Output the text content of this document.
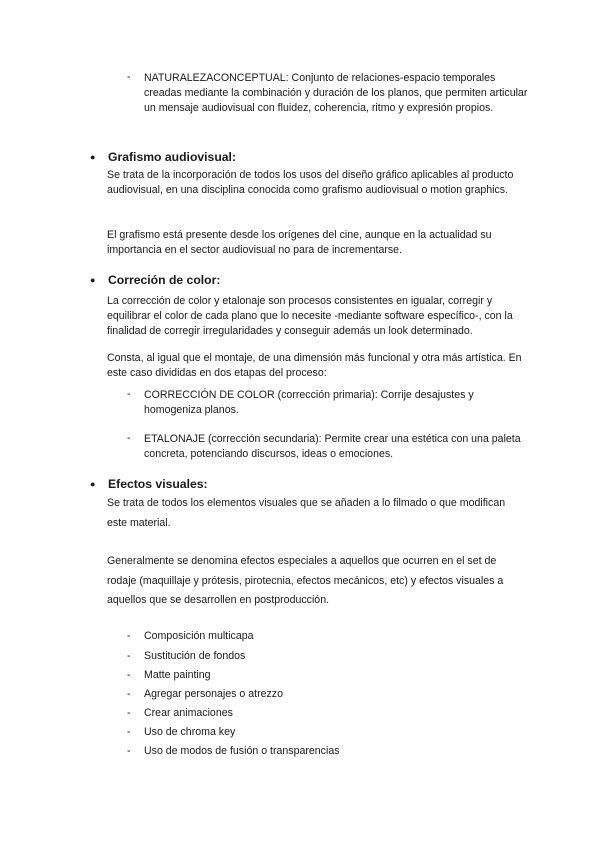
- NATURALEZACONCEPTUAL: Conjunto de relaciones-espacio temporales creadas mediante la combinación y duración de los planos, que permiten articular un mensaje audiovisual con fluidez, coherencia, ritmo y expresión propios.

● Grafismo audiovisual:

Se trata de la incorporación de todos los usos del diseño gráfico aplicables al producto audiovisual, en una disciplina conocida como grafismo audiovisual o motion graphics.

El grafismo está presente desde los orígenes del cine, aunque en la actualidad su importancia en el sector audiovisual no para de incrementarse.

● Correción de color:

La corrección de color y etalonaje son procesos consistentes en igualar, corregir y equilibrar el color de cada plano que lo necesite -mediante software específico-, con la finalidad de corregir irregularidades y conseguir además un look determinado.

Consta, al igual que el montaje, de una dimensión más funcional y otra más artística. En este caso divididas en dos etapas del proceso:

- CORRECCIÓN DE COLOR (corrección primaria): Corrije desajustes y homogeniza planos.

- ETALONAJE (corrección secundaria): Permite crear una estética con una paleta concreta, potenciando discursos, ideas o emociones.

● Efectos visuales:

Se trata de todos los elementos visuales que se añaden a lo filmado o que modifican este material.

Generalmente se denomina efectos especiales a aquellos que ocurren en el set de rodaje (maquillaje y prótesis, pirotecnia, efectos mecánicos, etc) y efectos visuales a aquellos que se desarrollen en postproducción.

- Composición multicapa
- Sustitución de fondos
- Matte painting
- Agregar personajes o atrezzo
- Crear animaciones
- Uso de chroma key
- Uso de modos de fusión o transparencias
